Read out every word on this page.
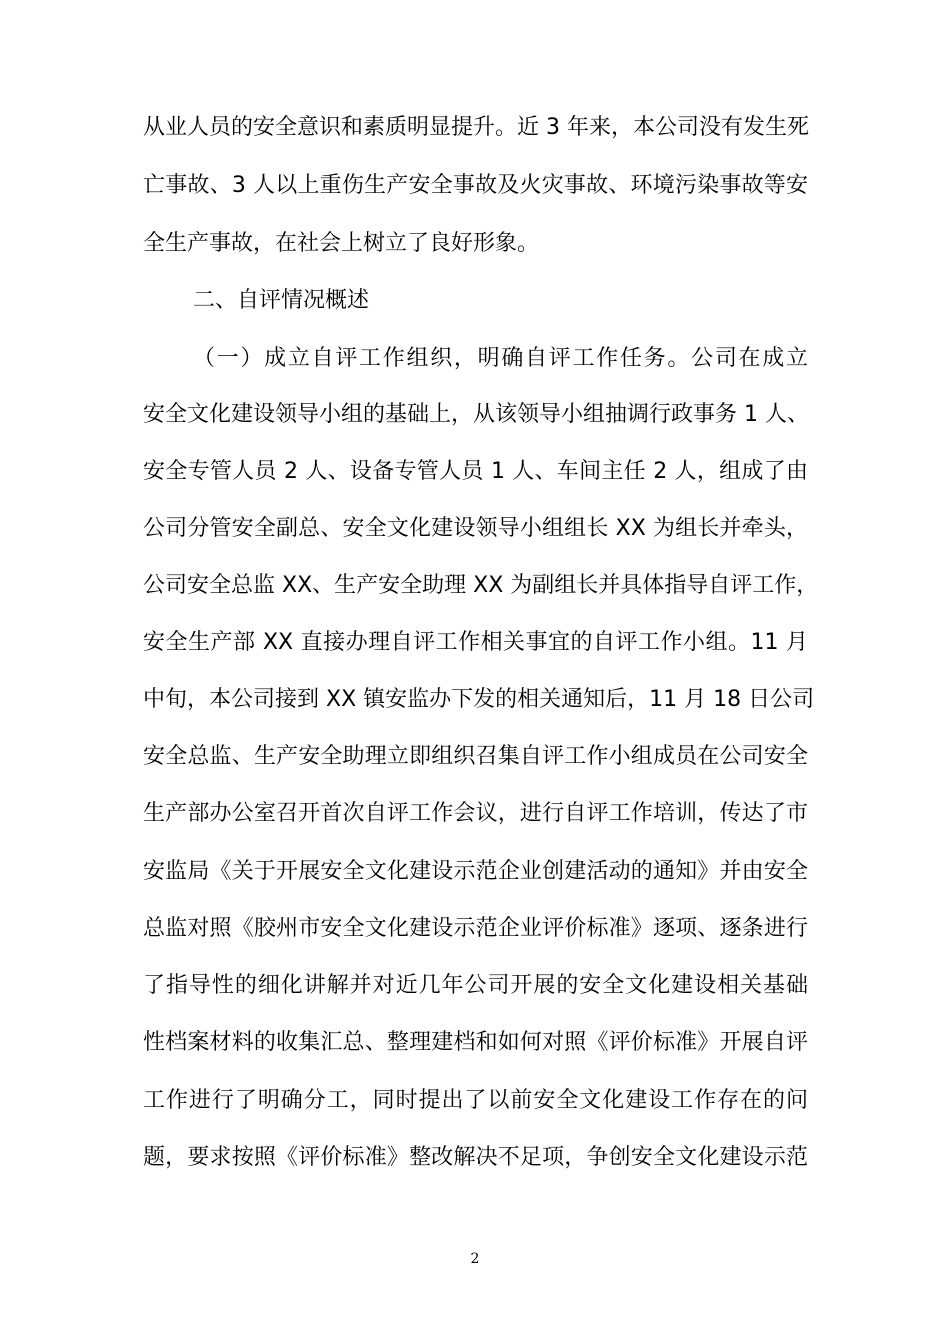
从业人员的安全意识和素质明显提升。近 3 年来，本公司没有发生死
亡事故、3 人以上重伤生产安全事故及火灾事故、环境污染事故等安
全生产事故，在社会上树立了良好形象。
二、自评情况概述
（一）成立自评工作组织，明确自评工作任务。公司在成立
安全文化建设领导小组的基础上，从该领导小组抽调行政事务 1 人、
安全专管人员 2 人、设备专管人员 1 人、车间主任 2 人，组成了由
公司分管安全副总、安全文化建设领导小组组长 XX 为组长并牵头，
公司安全总监 XX、生产安全助理 XX 为副组长并具体指导自评工作，
安全生产部 XX 直接办理自评工作相关事宜的自评工作小组。11 月
中旬，本公司接到 XX 镇安监办下发的相关通知后，11 月 18 日公司
安全总监、生产安全助理立即组织召集自评工作小组成员在公司安全
生产部办公室召开首次自评工作会议，进行自评工作培训，传达了市
安监局《关于开展安全文化建设示范企业创建活动的通知》并由安全
总监对照《胶州市安全文化建设示范企业评价标准》逐项、逐条进行
了指导性的细化讲解并对近几年公司开展的安全文化建设相关基础
性档案材料的收集汇总、整理建档和如何对照《评价标准》开展自评
工作进行了明确分工，同时提出了以前安全文化建设工作存在的问
题，要求按照《评价标准》整改解决不足项，争创安全文化建设示范
2
